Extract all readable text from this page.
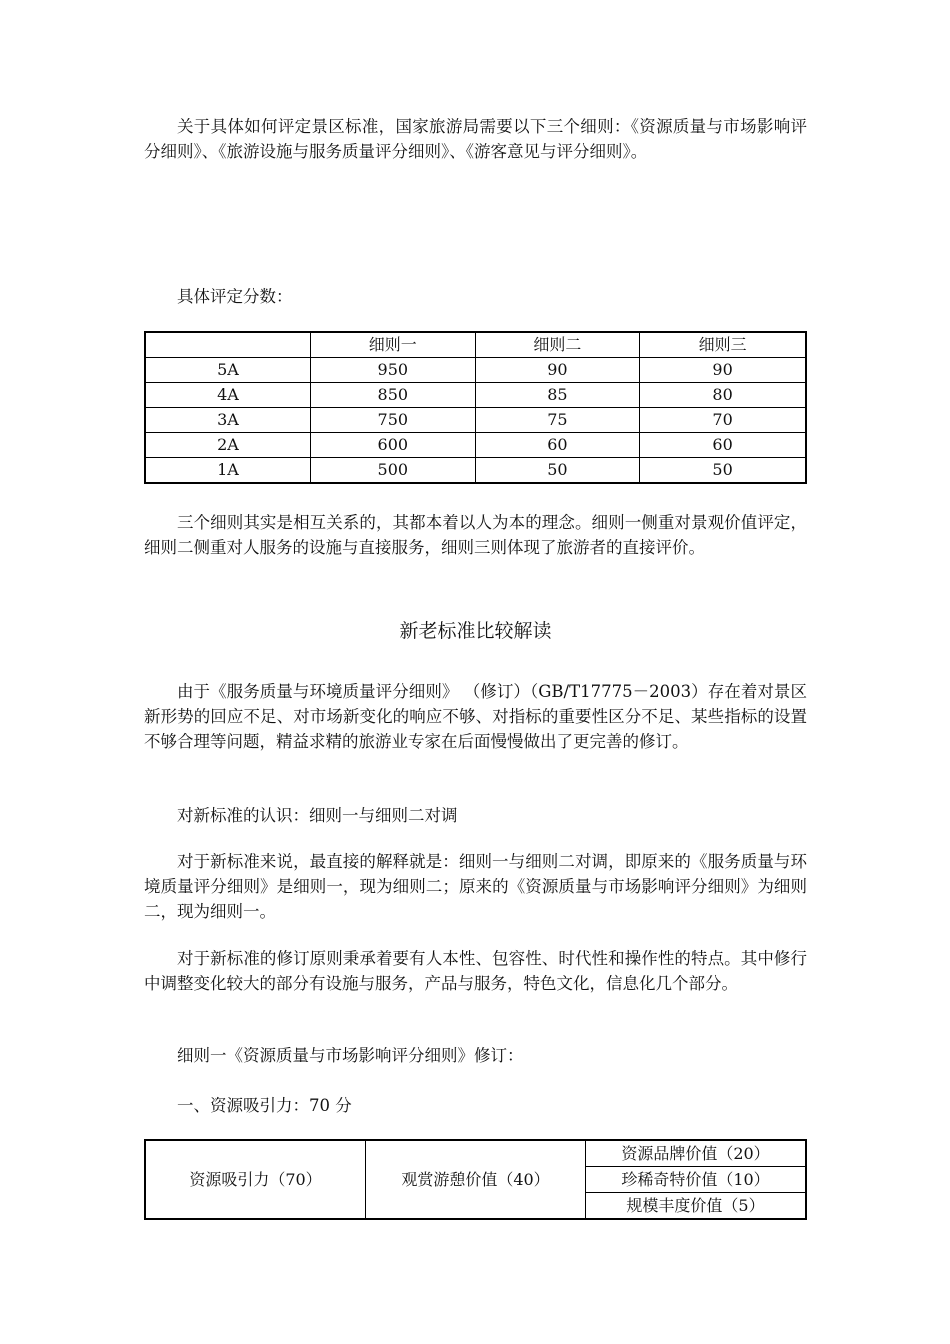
关于具体如何评定景区标准，国家旅游局需要以下三个细则：《资源质量与市场影响评分细则》、《旅游设施与服务质量评分细则》、《游客意见与评分细则》。

具体评定分数：

	细则一	细则二	细则三
5A	950	90	90
4A	850	85	80
3A	750	75	70
2A	600	60	60
1A	500	50	50

三个细则其实是相互关系的，其都本着以人为本的理念。细则一侧重对景观价值评定，细则二侧重对人服务的设施与直接服务，细则三则体现了旅游者的直接评价。

新老标准比较解读

由于《服务质量与环境质量评分细则》 （修订）（GB/T17775－2003）存在着对景区新形势的回应不足、对市场新变化的响应不够、对指标的重要性区分不足、某些指标的设置不够合理等问题，精益求精的旅游业专家在后面慢慢做出了更完善的修订。

对新标准的认识：细则一与细则二对调

对于新标准来说，最直接的解释就是：细则一与细则二对调，即原来的《服务质量与环境质量评分细则》是细则一，现为细则二；原来的《资源质量与市场影响评分细则》为细则二，现为细则一。

对于新标准的修订原则秉承着要有人本性、包容性、时代性和操作性的特点。其中修行中调整变化较大的部分有设施与服务，产品与服务，特色文化，信息化几个部分。

细则一《资源质量与市场影响评分细则》修订：

一、资源吸引力：70 分

资源吸引力（70）	观赏游憩价值（40）	资源品牌价值（20）
珍稀奇特价值（10）
规模丰度价值（5）
